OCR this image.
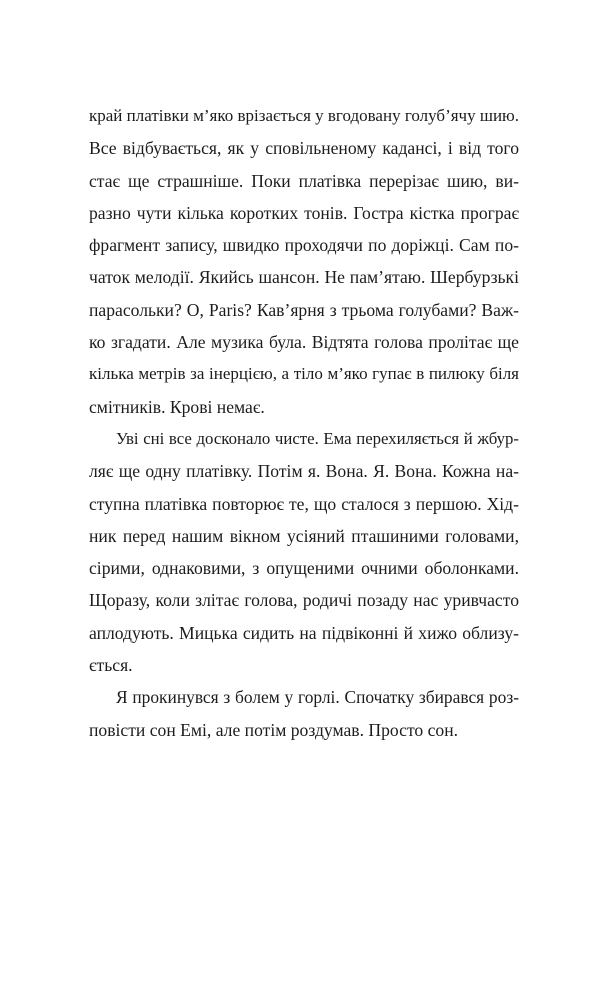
край платівки м’яко врізається у вгодовану голуб’ячу шию.
Все відбувається, як у сповільненому кадансі, і від того
стає ще страшніше. Поки платівка перерізає шию, ви-
разно чути кілька коротких тонів. Гостра кістка програє
фрагмент запису, швидко проходячи по доріжці. Сам по-
чаток мелодії. Якийсь шансон. Не пам’ятаю. Шербурзькі
парасольки? О, Paris? Кав’ярня з трьома голубами? Важ-
ко згадати. Але музика була. Відтята голова пролітає ще
кілька метрів за інерцією, а тіло м’яко гупає в пилюку біля
смітників. Крові немає.
Уві сні все досконало чисте. Ема перехиляється й жбур-
ляє ще одну платівку. Потім я. Вона. Я. Вона. Кожна на-
ступна платівка повторює те, що сталося з першою. Хід-
ник перед нашим вікном усіяний пташиними головами,
сірими, однаковими, з опущеними очними оболонками.
Щоразу, коли злітає голова, родичі позаду нас уривчасто
аплодують. Мицька сидить на підвіконні й хижо облизу-
ється.
Я прокинувся з болем у горлі. Спочатку збирався роз-
повісти сон Емі, але потім роздумав. Просто сон.
